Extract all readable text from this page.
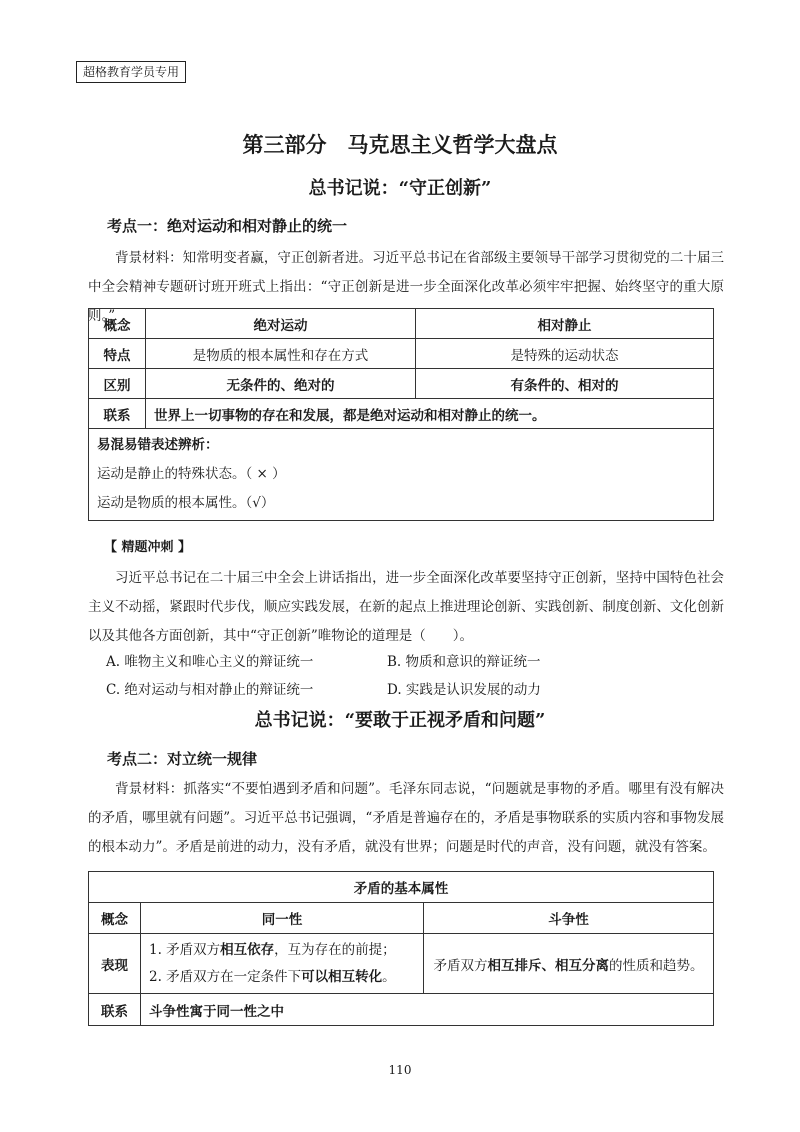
超格教育学员专用
第三部分　马克思主义哲学大盘点
总书记说：“守正创新”
考点一：绝对运动和相对静止的统一

背景材料：知常明变者赢，守正创新者进。习近平总书记在省部级主要领导干部学习贯彻党的二十届三中全会精神专题研讨班开班式上指出：“守正创新是进一步全面深化改革必须牢牢把握、始终坚守的重大原则。”

概念	绝对运动	相对静止
特点	是物质的根本属性和存在方式	是特殊的运动状态
区别	无条件的、绝对的	有条件的、相对的
联系	世界上一切事物的存在和发展，都是绝对运动和相对静止的统一。	

易混易错表述辨析：
运动是静止的特殊状态。（ × ）
运动是物质的根本属性。（√）		
【 精题冲刺 】

习近平总书记在二十届三中全会上讲话指出，进一步全面深化改革要坚持守正创新，坚持中国特色社会主义不动摇，紧跟时代步伐，顺应实践发展，在新的起点上推进理论创新、实践创新、制度创新、文化创新以及其他各方面创新，其中“守正创新”唯物论的道理是（　　）。

A. 唯物主义和唯心主义的辩证统一	B. 物质和意识的辩证统一
C. 绝对运动与相对静止的辩证统一	D. 实践是认识发展的动力
总书记说：“要敢于正视矛盾和问题”
考点二：对立统一规律

背景材料：抓落实“不要怕遇到矛盾和问题”。毛泽东同志说，“问题就是事物的矛盾。哪里有没有解决的矛盾，哪里就有问题”。习近平总书记强调，“矛盾是普遍存在的，矛盾是事物联系的实质内容和事物发展的根本动力”。矛盾是前进的动力，没有矛盾，就没有世界；问题是时代的声音，没有问题，就没有答案。

矛盾的基本属性		
概念	同一性	斗争性
表现	1. 矛盾双方相互依存，互为存在的前提；
2. 矛盾双方在一定条件下可以相互转化。	矛盾双方相互排斥、相互分离的性质和趋势。
联系	斗争性寓于同一性之中	
110
